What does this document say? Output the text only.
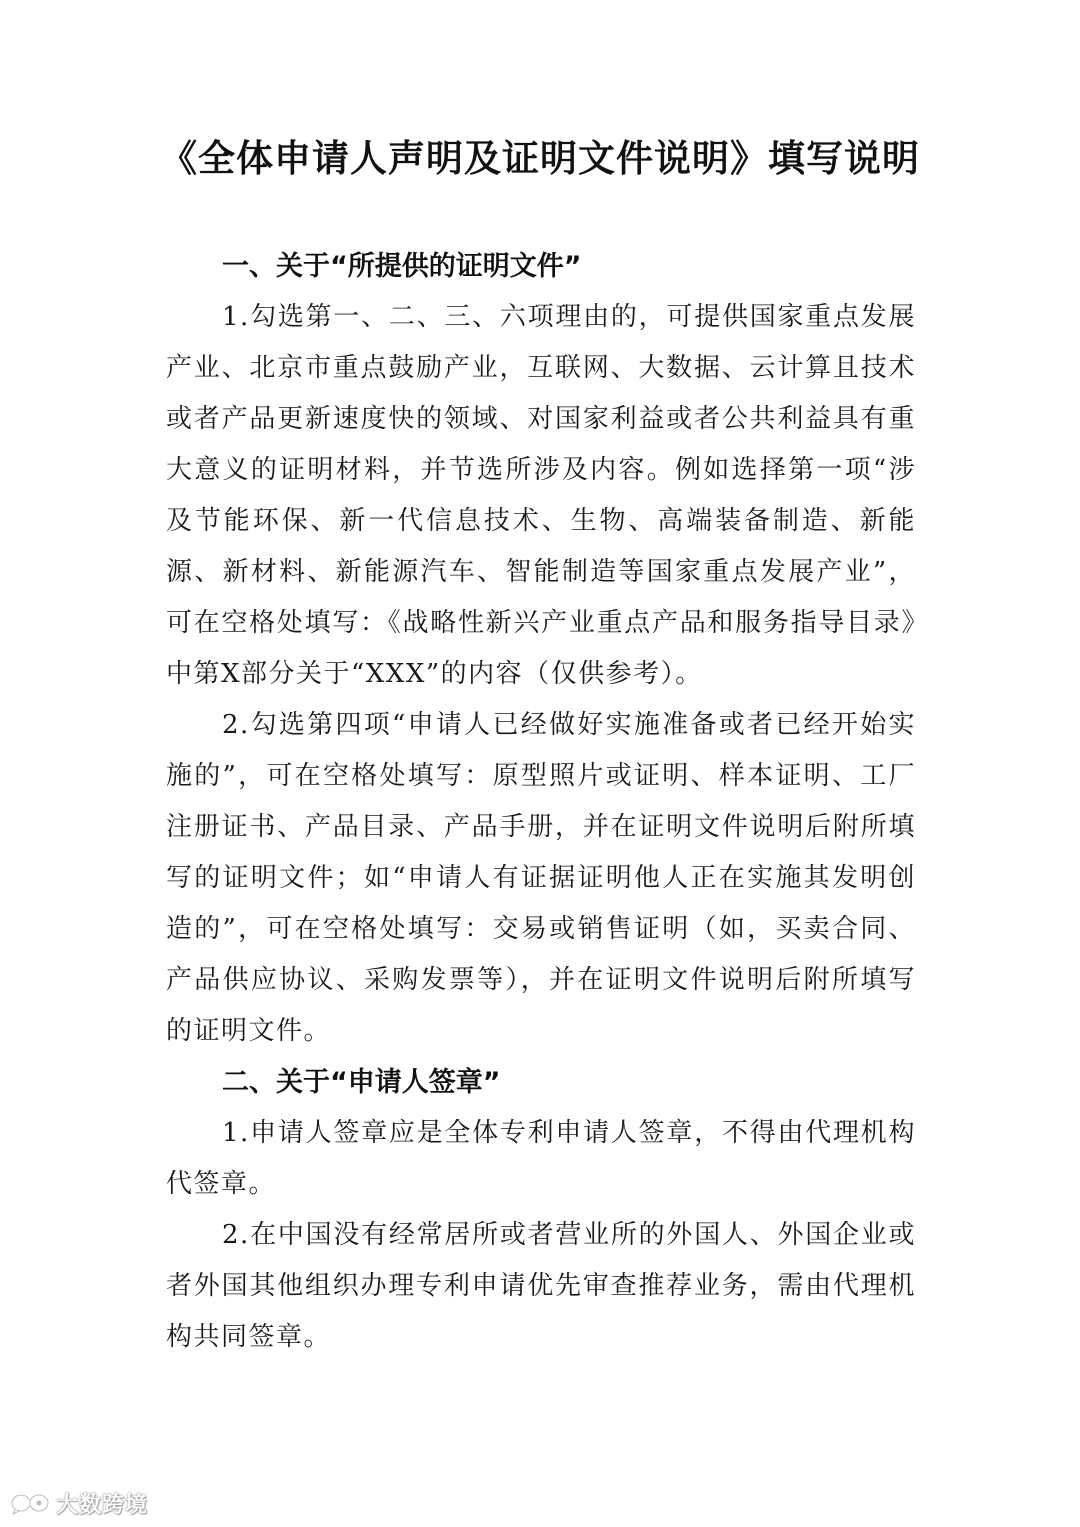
《全体申请人声明及证明文件说明》填写说明
一、关于“所提供的证明文件”

1.勾选第一、二、三、六项理由的，可提供国家重点发展产业、北京市重点鼓励产业，互联网、大数据、云计算且技术或者产品更新速度快的领域、对国家利益或者公共利益具有重大意义的证明材料，并节选所涉及内容。例如选择第一项“涉及节能环保、新一代信息技术、生物、高端装备制造、新能源、新材料、新能源汽车、智能制造等国家重点发展产业”，可在空格处填写：《战略性新兴产业重点产品和服务指导目录》中第X部分关于“XXX”的内容（仅供参考）。

2.勾选第四项“申请人已经做好实施准备或者已经开始实施的”，可在空格处填写：原型照片或证明、样本证明、工厂注册证书、产品目录、产品手册，并在证明文件说明后附所填写的证明文件；如“申请人有证据证明他人正在实施其发明创造的”，可在空格处填写：交易或销售证明（如，买卖合同、产品供应协议、采购发票等），并在证明文件说明后附所填写的证明文件。

二、关于“申请人签章”

1.申请人签章应是全体专利申请人签章，不得由代理机构代签章。

2.在中国没有经常居所或者营业所的外国人、外国企业或者外国其他组织办理专利申请优先审查推荐业务，需由代理机构共同签章。

大数跨境
